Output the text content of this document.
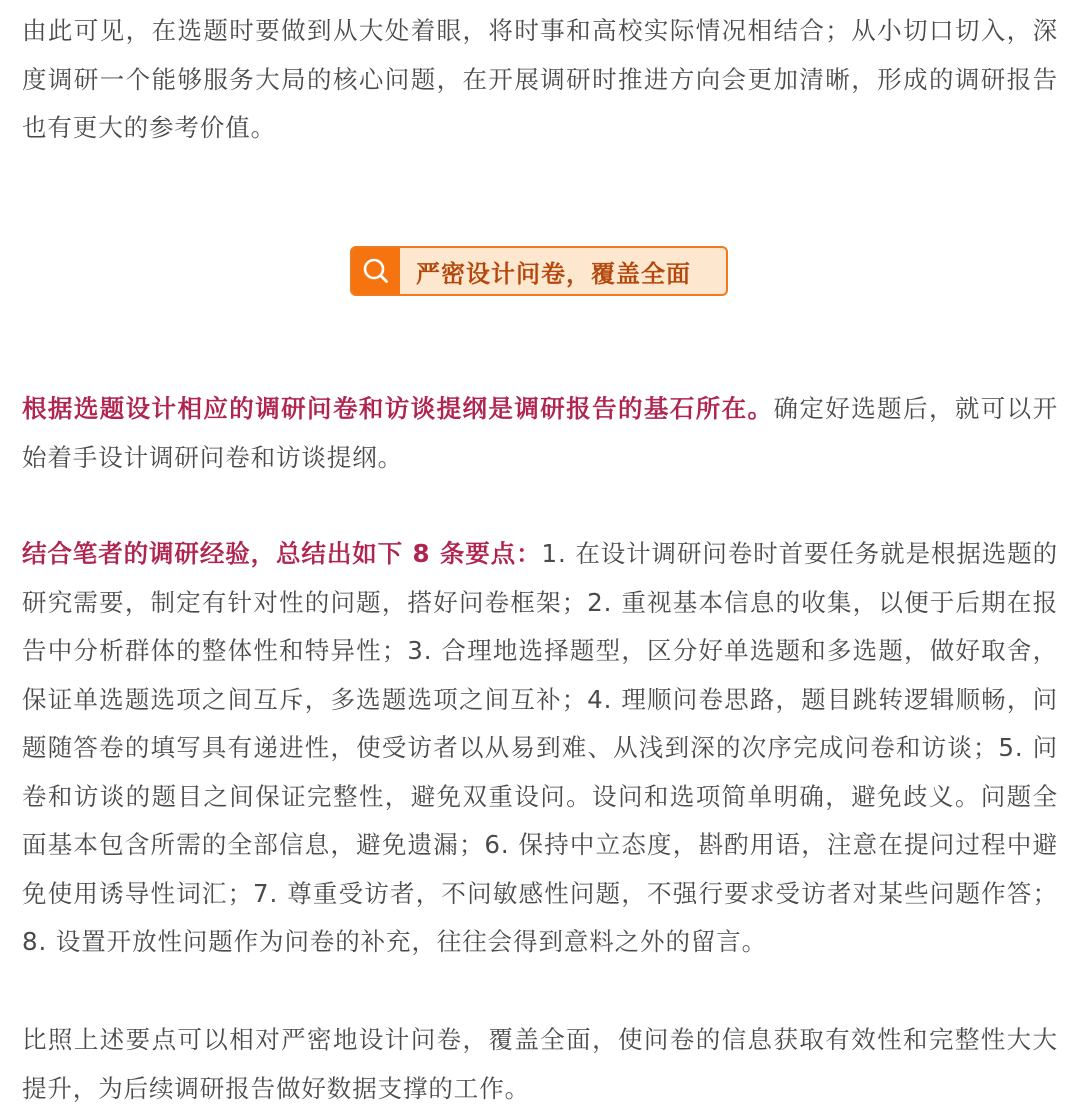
由此可见，在选题时要做到从大处着眼，将时事和高校实际情况相结合；从小切口切入，深度调研一个能够服务大局的核心问题，在开展调研时推进方向会更加清晰，形成的调研报告也有更大的参考价值。

根据选题设计相应的调研问卷和访谈提纲是调研报告的基石所在。确定好选题后，就可以开始着手设计调研问卷和访谈提纲。

结合笔者的调研经验，总结出如下 8 条要点：1. 在设计调研问卷时首要任务就是根据选题的研究需要，制定有针对性的问题，搭好问卷框架；2. 重视基本信息的收集，以便于后期在报告中分析群体的整体性和特异性；3. 合理地选择题型，区分好单选题和多选题，做好取舍，保证单选题选项之间互斥，多选题选项之间互补；4. 理顺问卷思路，题目跳转逻辑顺畅，问题随答卷的填写具有递进性，使受访者以从易到难、从浅到深的次序完成问卷和访谈；5. 问卷和访谈的题目之间保证完整性，避免双重设问。设问和选项简单明确，避免歧义。问题全面基本包含所需的全部信息，避免遗漏；6. 保持中立态度，斟酌用语，注意在提问过程中避免使用诱导性词汇；7. 尊重受访者，不问敏感性问题，不强行要求受访者对某些问题作答；8. 设置开放性问题作为问卷的补充，往往会得到意料之外的留言。

比照上述要点可以相对严密地设计问卷，覆盖全面，使问卷的信息获取有效性和完整性大大提升，为后续调研报告做好数据支撑的工作。

严密设计问卷，覆盖全面
